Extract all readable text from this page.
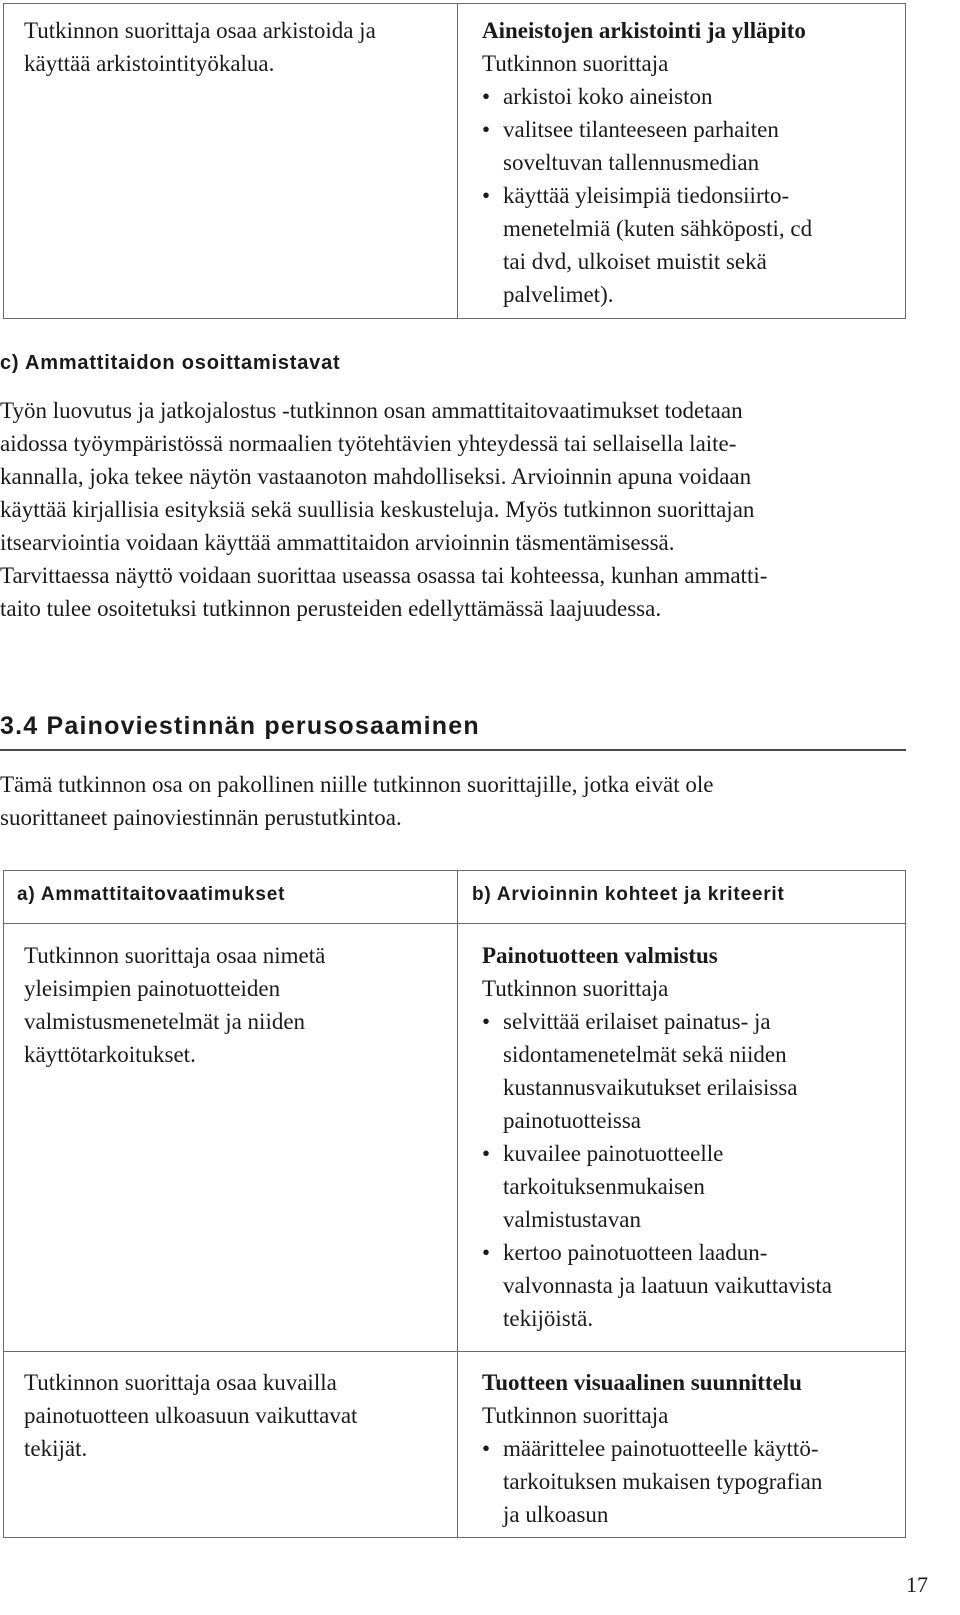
Tutkinnon suorittaja osaa arkistoida ja
käyttää arkistointityökalua.
Aineistojen arkistointi ja ylläpito
Tutkinnon suorittaja
• arkistoi koko aineiston
• valitsee tilanteeseen parhaiten
soveltuvan tallennusmedian
• käyttää yleisimpiä tiedonsiirto-
menetelmiä (kuten sähköposti, cd
tai dvd, ulkoiset muistit sekä
palvelimet).
c) Ammattitaidon osoittamistavat
Työn luovutus ja jatkojalostus -tutkinnon osan ammattitaitovaatimukset todetaan
aidossa työympäristössä normaalien työtehtävien yhteydessä tai sellaisella laite-
kannalla, joka tekee näytön vastaanoton mahdolliseksi. Arvioinnin apuna voidaan
käyttää kirjallisia esityksiä sekä suullisia keskusteluja. Myös tutkinnon suorittajan
itsearviointia voidaan käyttää ammattitaidon arvioinnin täsmentämisessä.
Tarvittaessa näyttö voidaan suorittaa useassa osassa tai kohteessa, kunhan ammatti-
taito tulee osoitetuksi tutkinnon perusteiden edellyttämässä laajuudessa.
3.4 Painoviestinnän perusosaaminen
Tämä tutkinnon osa on pakollinen niille tutkinnon suorittajille, jotka eivät ole
suorittaneet painoviestinnän perustutkintoa.
a) Ammattitaitovaatimukset	b) Arvioinnin kohteet ja kriteerit
Tutkinnon suorittaja osaa nimetä
yleisimpien painotuotteiden
valmistusmenetelmät ja niiden
käyttötarkoitukset.
Painotuotteen valmistus
Tutkinnon suorittaja
• selvittää erilaiset painatus- ja
sidontamenetelmät sekä niiden
kustannusvaikutukset erilaisissa
painotuotteissa
• kuvailee painotuotteelle
tarkoituksenmukaisen
valmistustavan
• kertoo painotuotteen laadun-
valvonnasta ja laatuun vaikuttavista
tekijöistä.
Tutkinnon suorittaja osaa kuvailla
painotuotteen ulkoasuun vaikuttavat
tekijät.
Tuotteen visuaalinen suunnittelu
Tutkinnon suorittaja
• määrittelee painotuotteelle käyttö-
tarkoituksen mukaisen typografian
ja ulkoasun
17
